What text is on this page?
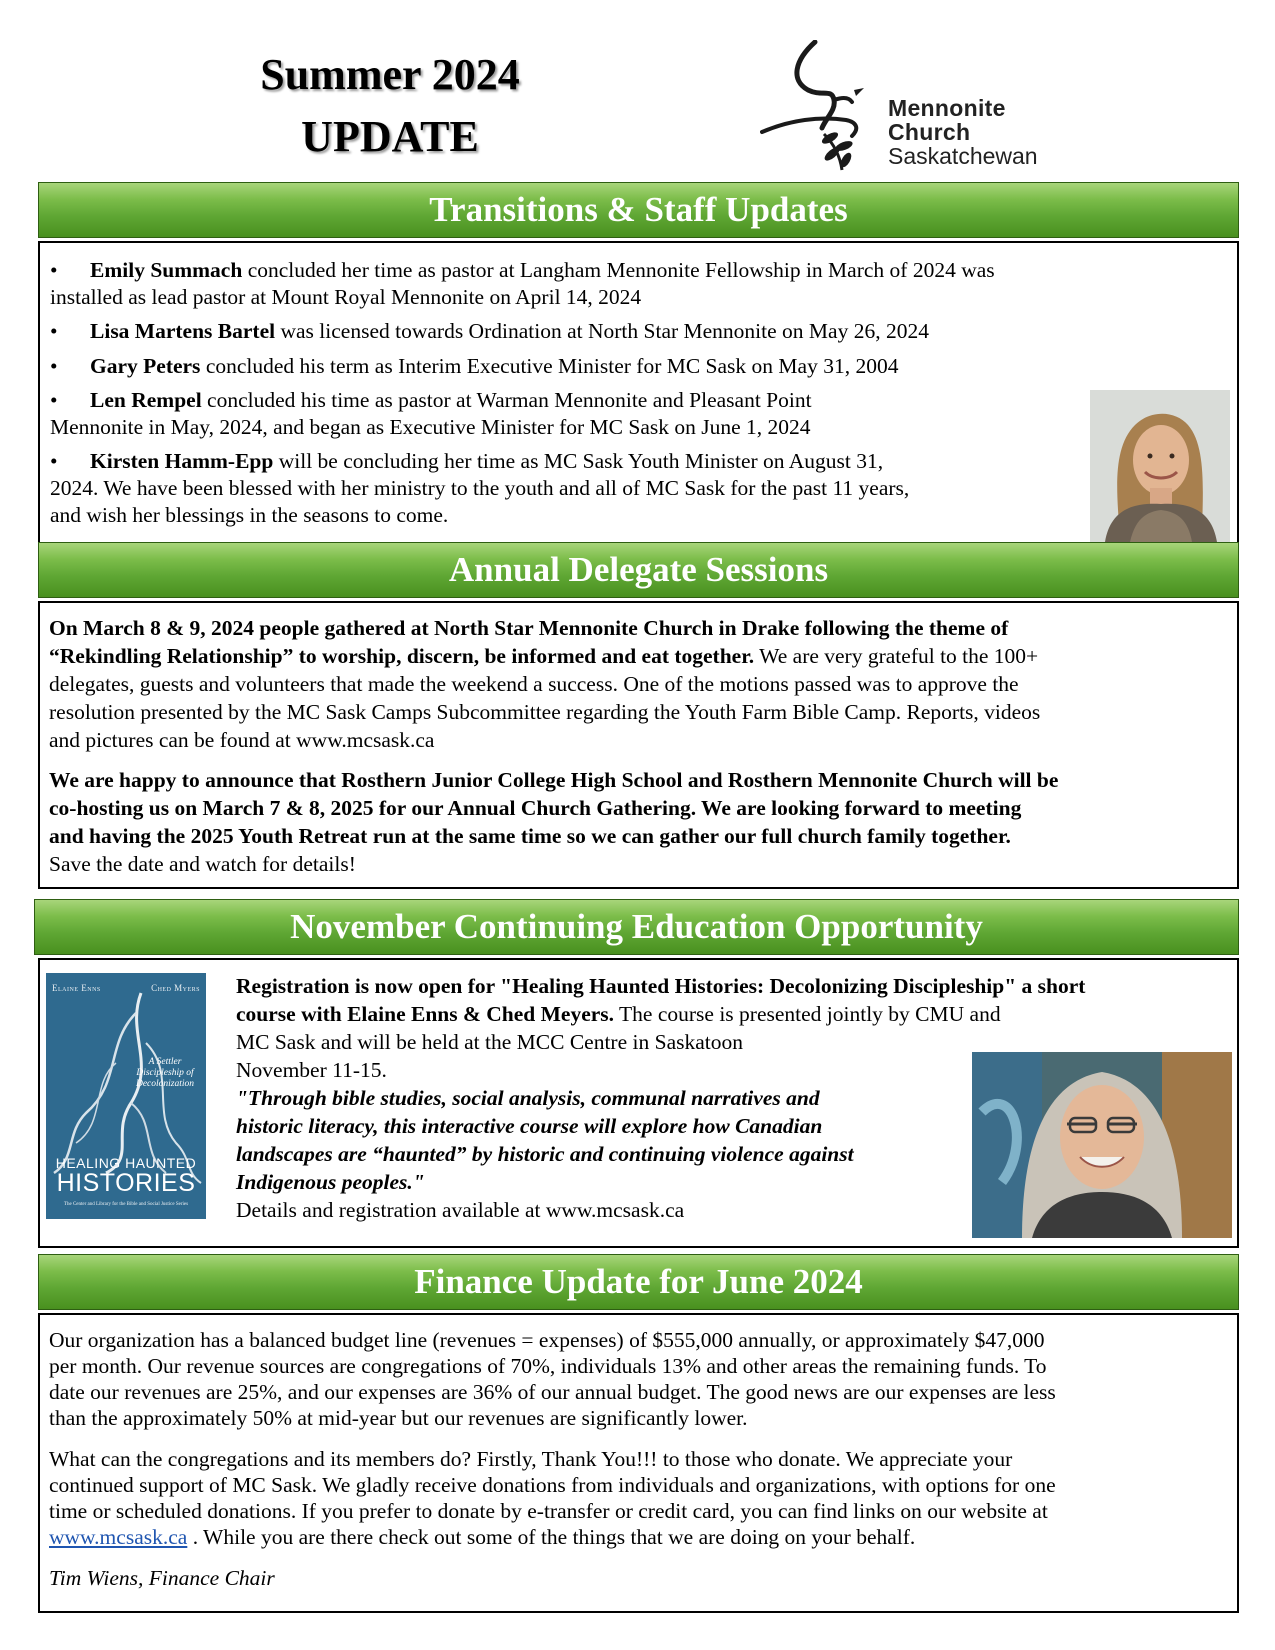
Summer 2024
UPDATE
Mennonite
Church
Saskatchewan
Transitions & Staff Updates
• Emily Summach concluded her time as pastor at Langham Mennonite Fellowship in March of 2024 was
installed as lead pastor at Mount Royal Mennonite on April 14, 2024
• Lisa Martens Bartel was licensed towards Ordination at North Star Mennonite on May 26, 2024
• Gary Peters concluded his term as Interim Executive Minister for MC Sask on May 31, 2004
• Len Rempel concluded his time as pastor at Warman Mennonite and Pleasant Point
Mennonite in May, 2024, and began as Executive Minister for MC Sask on June 1, 2024
• Kirsten Hamm-Epp will be concluding her time as MC Sask Youth Minister on August 31,
2024. We have been blessed with her ministry to the youth and all of MC Sask for the past 11 years,
and wish her blessings in the seasons to come.
Annual Delegate Sessions
On March 8 & 9, 2024 people gathered at North Star Mennonite Church in Drake following the theme of
“Rekindling Relationship” to worship, discern, be informed and eat together. We are very grateful to the 100+
delegates, guests and volunteers that made the weekend a success. One of the motions passed was to approve the
resolution presented by the MC Sask Camps Subcommittee regarding the Youth Farm Bible Camp. Reports, videos
and pictures can be found at www.mcsask.ca
We are happy to announce that Rosthern Junior College High School and Rosthern Mennonite Church will be
co-hosting us on March 7 & 8, 2025 for our Annual Church Gathering. We are looking forward to meeting
and having the 2025 Youth Retreat run at the same time so we can gather our full church family together.
Save the date and watch for details!
November Continuing Education Opportunity
Elaine Enns	Ched Myers
A Settler
Discipleship of
Decolonization
HEALING HAUNTED
HISTORIES
The Center and Library for the Bible and Social Justice Series
Registration is now open for "Healing Haunted Histories: Decolonizing Discipleship" a short
course with Elaine Enns & Ched Meyers. The course is presented jointly by CMU and
MC Sask and will be held at the MCC Centre in Saskatoon
November 11-15.
"Through bible studies, social analysis, communal narratives and
historic literacy, this interactive course will explore how Canadian
landscapes are “haunted” by historic and continuing violence against
Indigenous peoples."
Details and registration available at www.mcsask.ca
Finance Update for June 2024
Our organization has a balanced budget line (revenues = expenses) of $555,000 annually, or approximately $47,000
per month. Our revenue sources are congregations of 70%, individuals 13% and other areas the remaining funds. To
date our revenues are 25%, and our expenses are 36% of our annual budget. The good news are our expenses are less
than the approximately 50% at mid-year but our revenues are significantly lower.
What can the congregations and its members do? Firstly, Thank You!!! to those who donate. We appreciate your
continued support of MC Sask. We gladly receive donations from individuals and organizations, with options for one
time or scheduled donations. If you prefer to donate by e-transfer or credit card, you can find links on our website at
www.mcsask.ca . While you are there check out some of the things that we are doing on your behalf.
Tim Wiens, Finance Chair
